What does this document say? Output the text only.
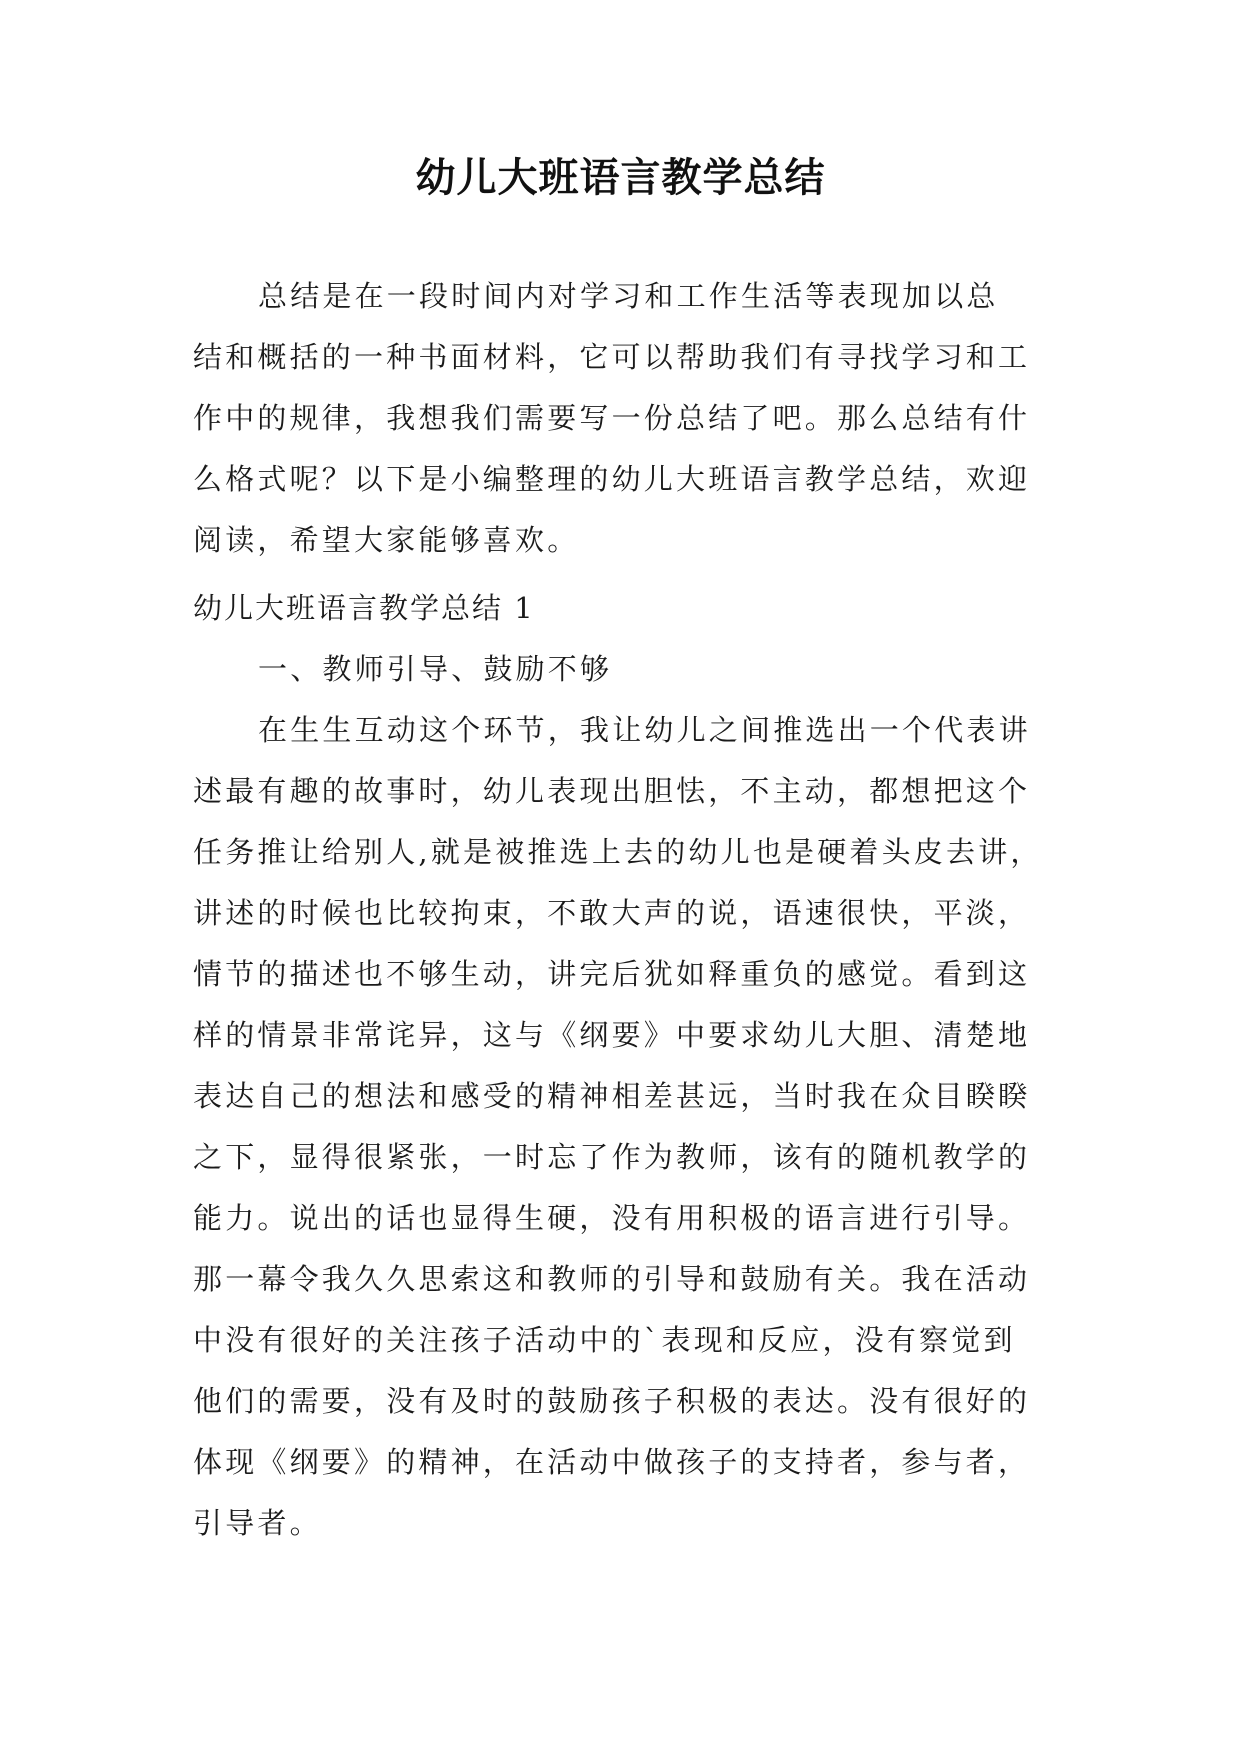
幼儿大班语言教学总结
总结是在一段时间内对学习和工作生活等表现加以总
结和概括的一种书面材料，它可以帮助我们有寻找学习和工
作中的规律，我想我们需要写一份总结了吧。那么总结有什
么格式呢？以下是小编整理的幼儿大班语言教学总结，欢迎
阅读，希望大家能够喜欢。
幼儿大班语言教学总结 1
一、教师引导、鼓励不够
在生生互动这个环节，我让幼儿之间推选出一个代表讲
述最有趣的故事时，幼儿表现出胆怯，不主动，都想把这个
任务推让给别人,就是被推选上去的幼儿也是硬着头皮去讲，
讲述的时候也比较拘束，不敢大声的说，语速很快，平淡，
情节的描述也不够生动，讲完后犹如释重负的感觉。看到这
样的情景非常诧异，这与《纲要》中要求幼儿大胆、清楚地
表达自己的想法和感受的精神相差甚远，当时我在众目睽睽
之下，显得很紧张，一时忘了作为教师，该有的随机教学的
能力。说出的话也显得生硬，没有用积极的语言进行引导。
那一幕令我久久思索这和教师的引导和鼓励有关。我在活动
中没有很好的关注孩子活动中的`表现和反应，没有察觉到
他们的需要，没有及时的鼓励孩子积极的表达。没有很好的
体现《纲要》的精神，在活动中做孩子的支持者，参与者，
引导者。
